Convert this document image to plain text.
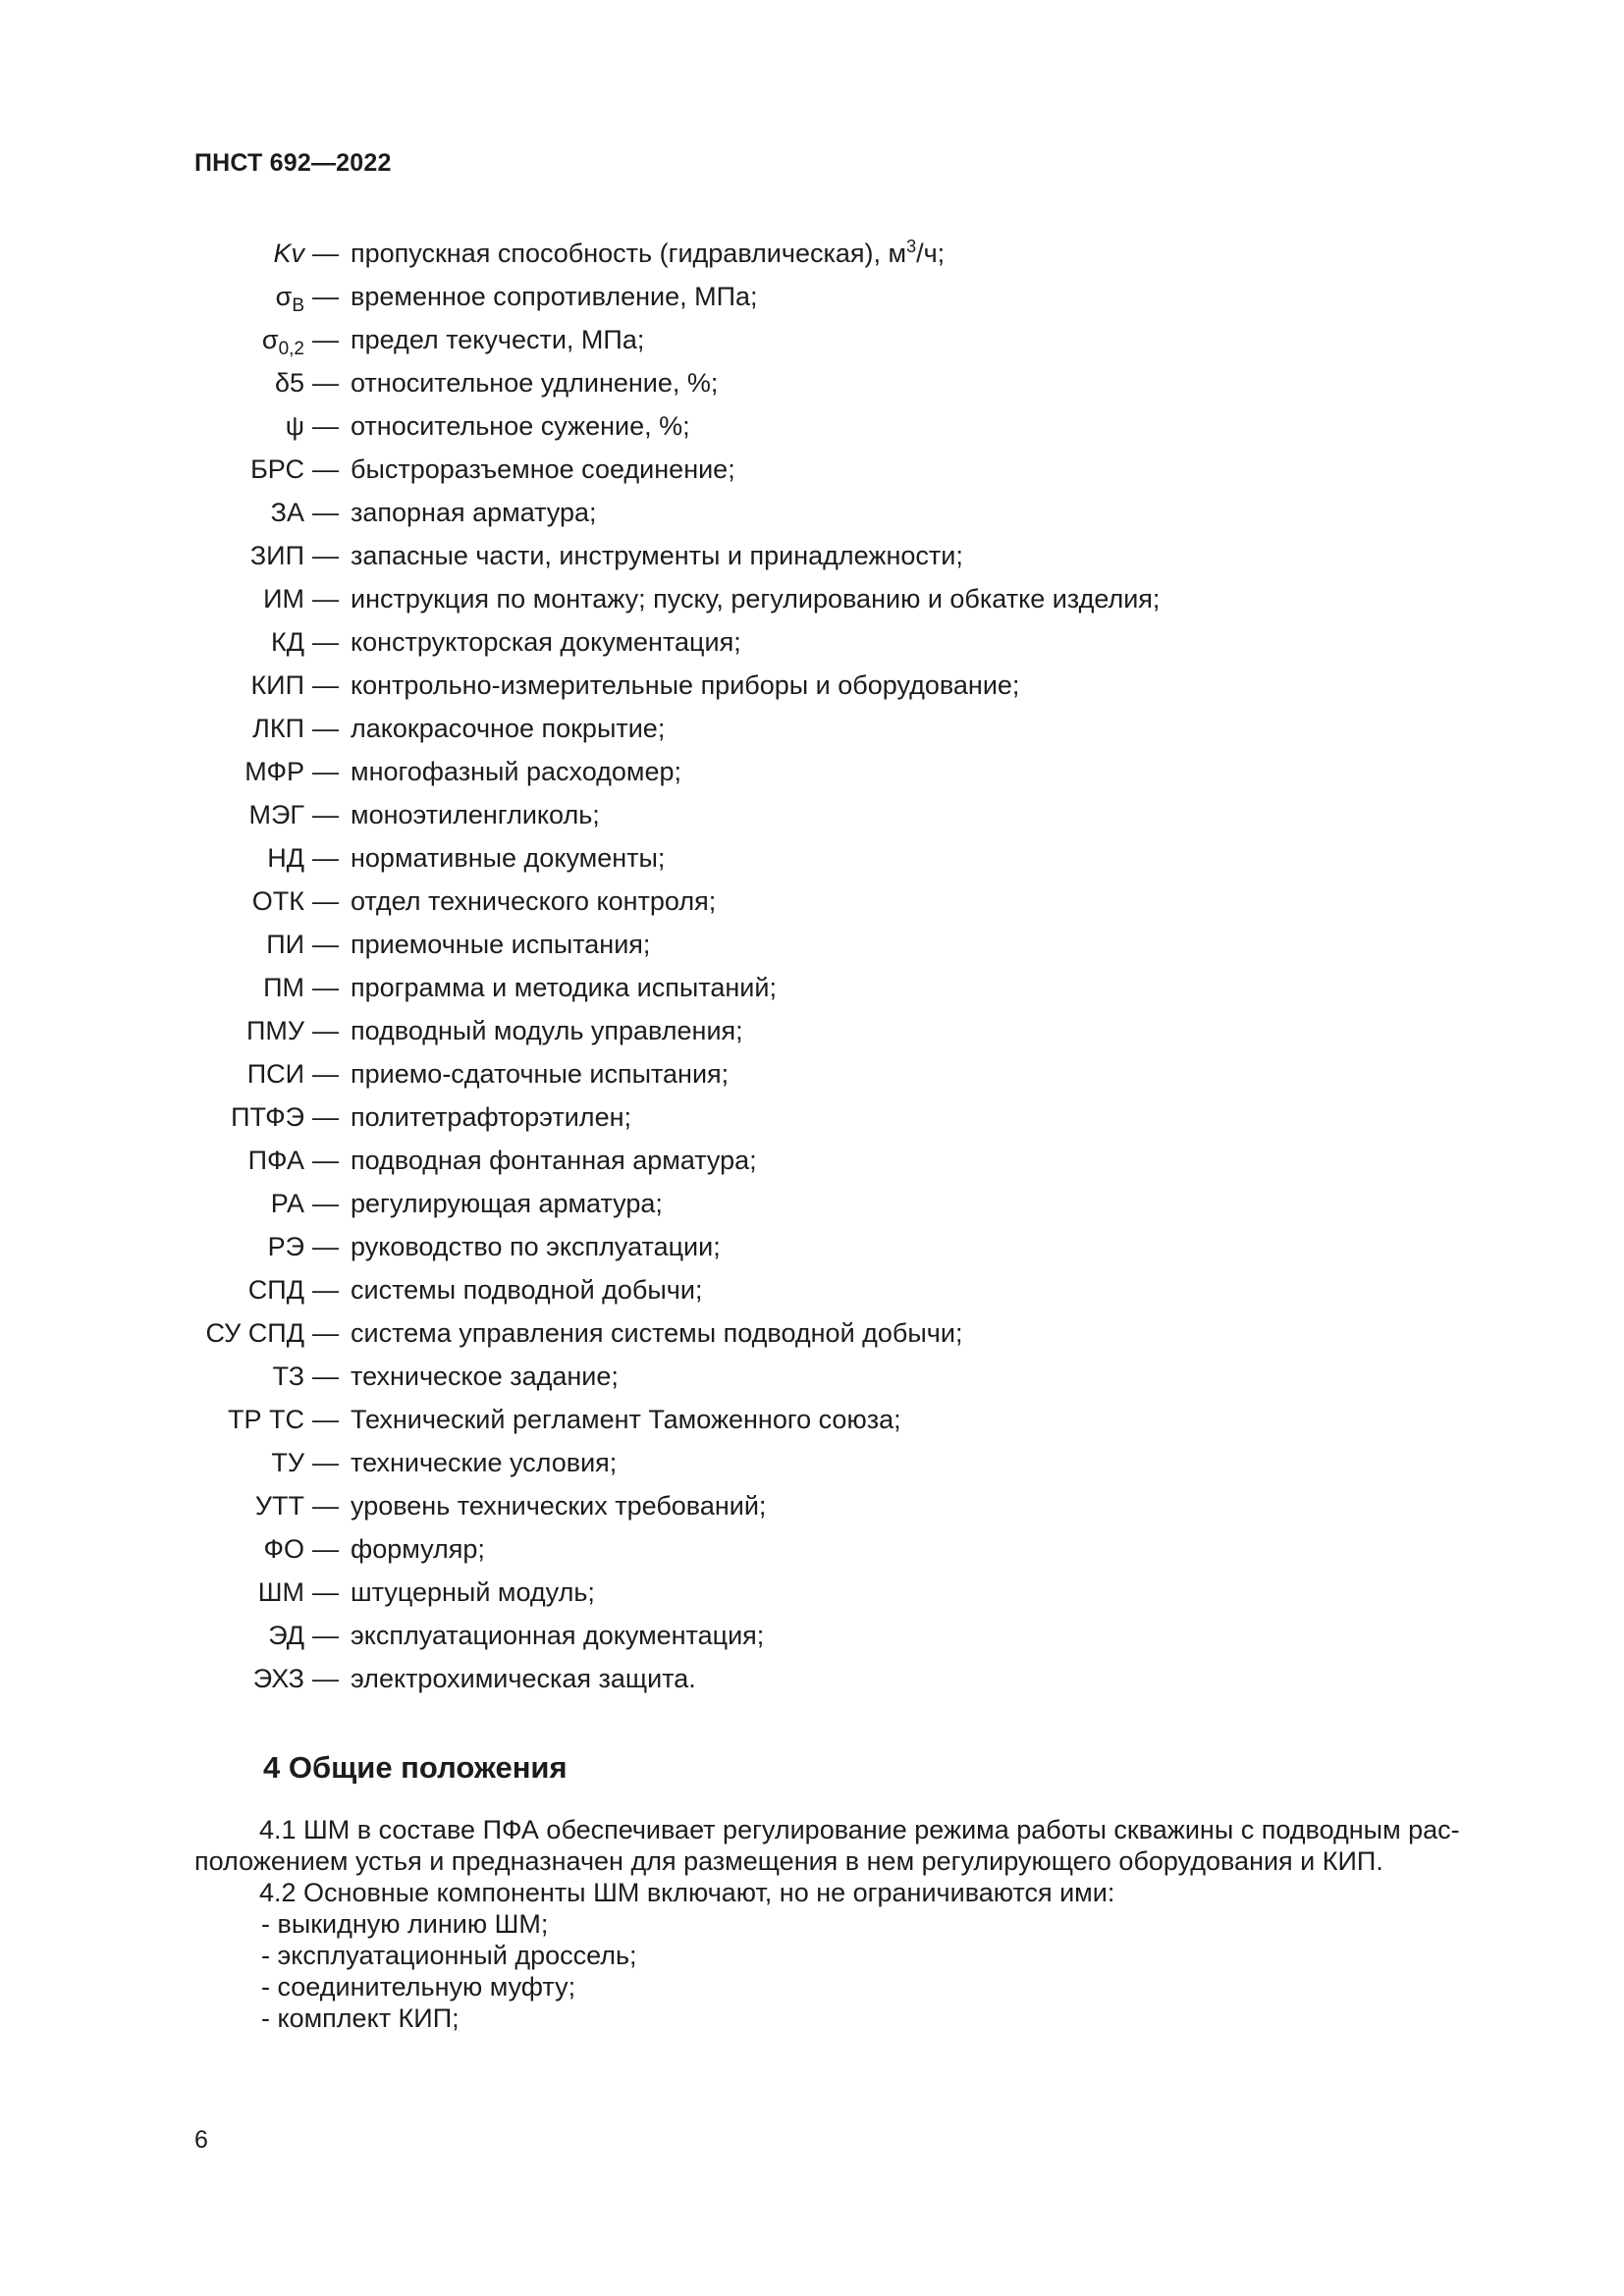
ПНСТ 692—2022
Kv — пропускная способность (гидравлическая), $м^3/ч$;
$\sigma_В$ — временное сопротивление, МПа;
$\sigma_{0,2}$ — предел текучести, МПа;
δ5 — относительное удлинение, %;
ψ — относительное сужение, %;
БРС — быстроразъемное соединение;
ЗА — запорная арматура;
ЗИП — запасные части, инструменты и принадлежности;
ИМ — инструкция по монтажу; пуску, регулированию и обкатке изделия;
КД — конструкторская документация;
КИП — контрольно-измерительные приборы и оборудование;
ЛКП — лакокрасочное покрытие;
МФР — многофазный расходомер;
МЭГ — моноэтиленгликоль;
НД — нормативные документы;
ОТК — отдел технического контроля;
ПИ — приемочные испытания;
ПМ — программа и методика испытаний;
ПМУ — подводный модуль управления;
ПСИ — приемо-сдаточные испытания;
ПТФЭ — политетрафторэтилен;
ПФА — подводная фонтанная арматура;
РА — регулирующая арматура;
РЭ — руководство по эксплуатации;
СПД — системы подводной добычи;
СУ СПД — система управления системы подводной добычи;
ТЗ — техническое задание;
ТР ТС — Технический регламент Таможенного союза;
ТУ — технические условия;
УТТ — уровень технических требований;
ФО — формуляр;
ШМ — штуцерный модуль;
ЭД — эксплуатационная документация;
ЭХЗ — электрохимическая защита.
4 Общие положения
4.1 ШМ в составе ПФА обеспечивает регулирование режима работы скважины с подводным рас-
положением устья и предназначен для размещения в нем регулирующего оборудования и КИП.
4.2 Основные компоненты ШМ включают, но не ограничиваются ими:
- выкидную линию ШМ;
- эксплуатационный дроссель;
- соединительную муфту;
- комплект КИП;
6
